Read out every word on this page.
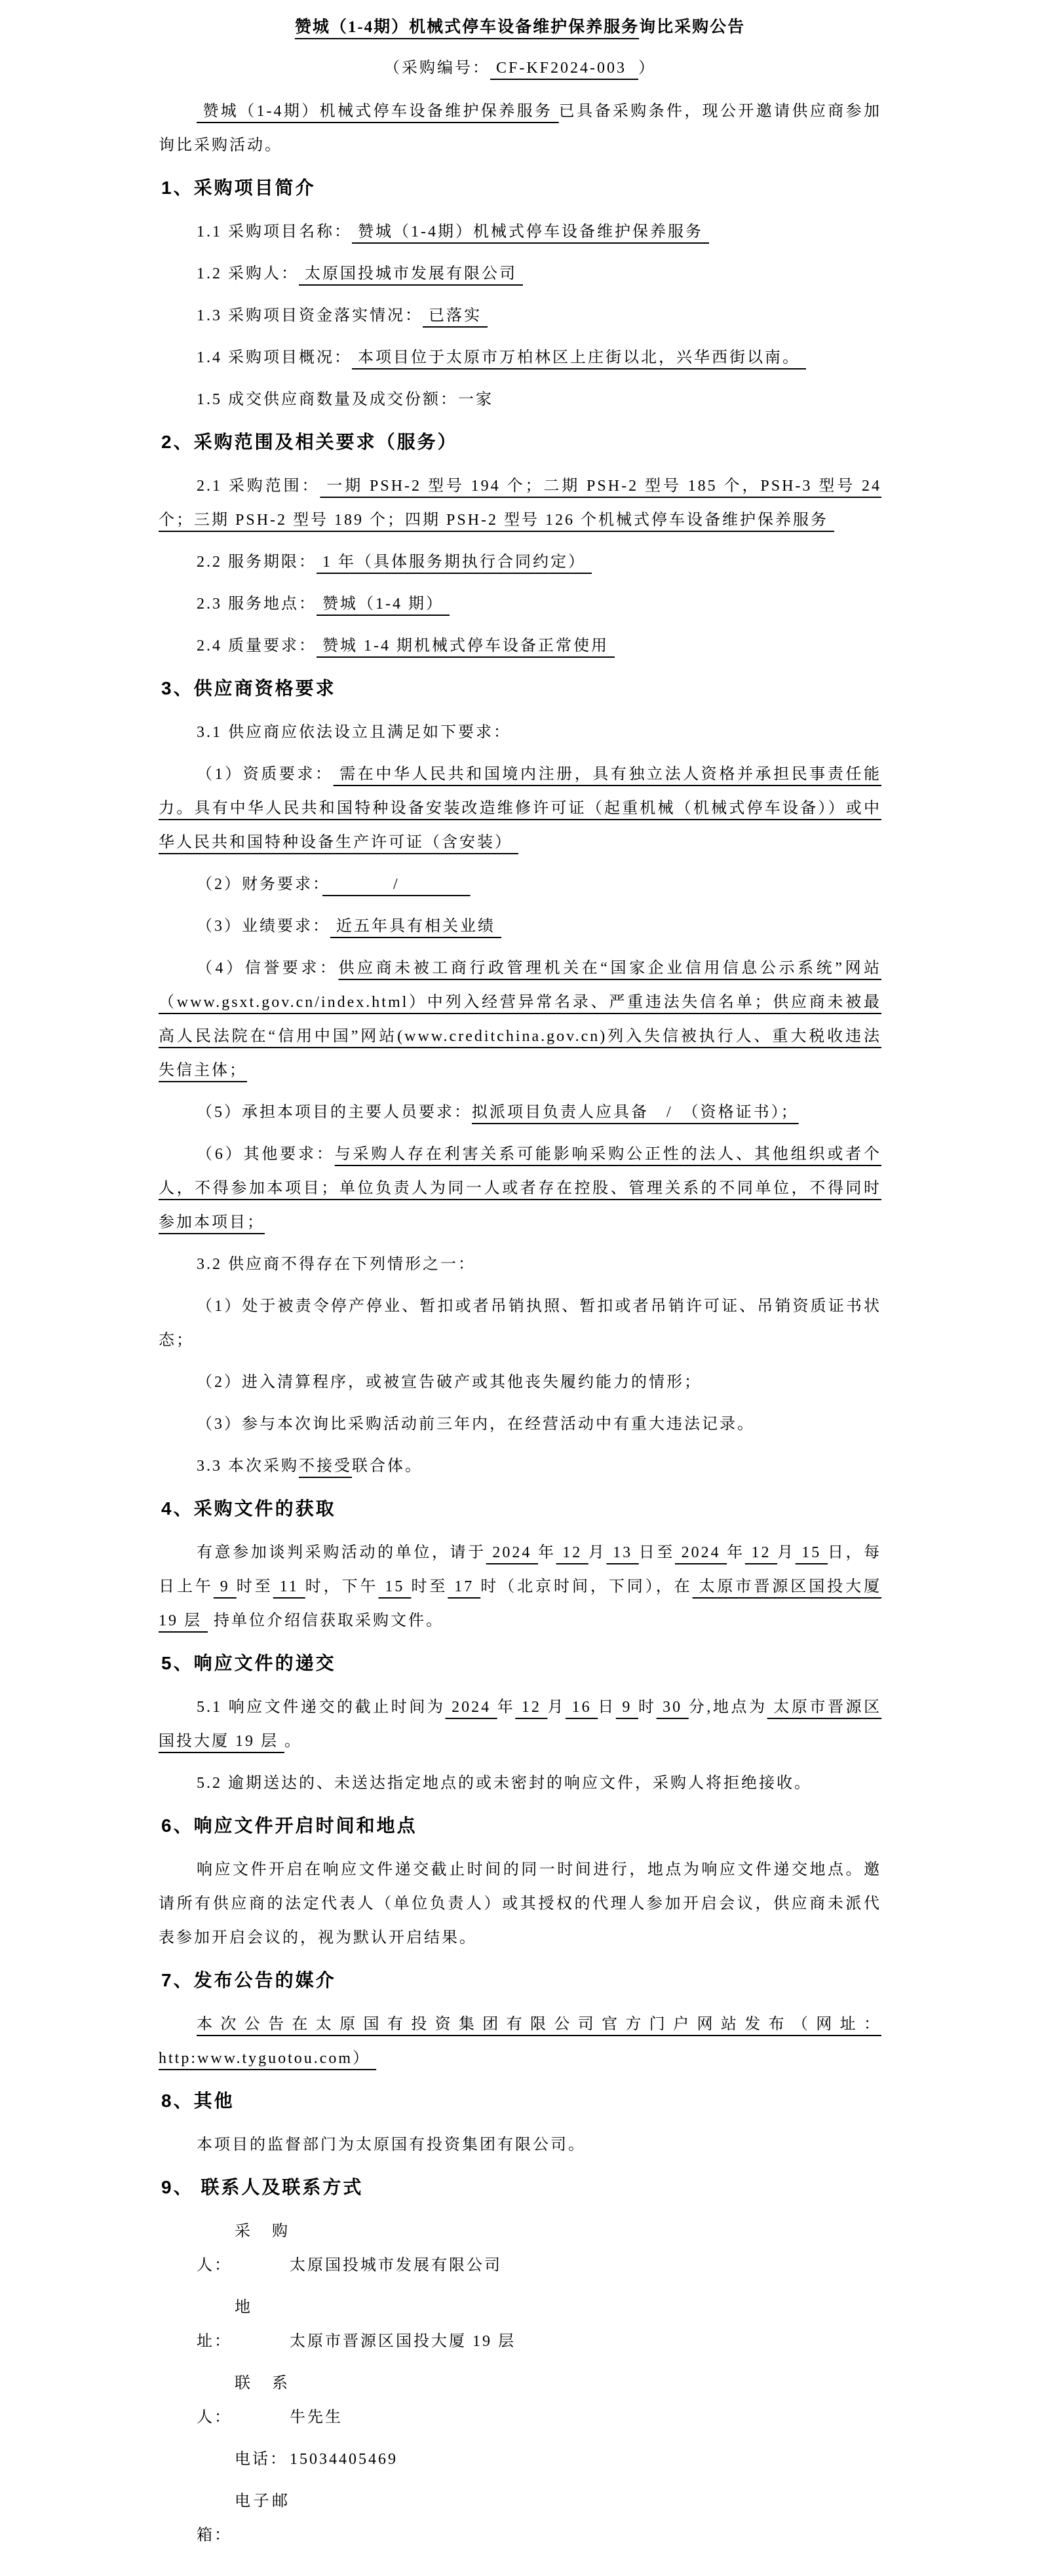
赞城（1-4期）机械式停车设备维护保养服务询比采购公告

（采购编号： CF-KF2024-003  ）

赞城（1-4期）机械式停车设备维护保养服务 已具备采购条件，现公开邀请供应商参加询比采购活动。

1、采购项目简介

1.1 采购项目名称： 赞城（1-4期）机械式停车设备维护保养服务

1.2 采购人： 太原国投城市发展有限公司

1.3 采购项目资金落实情况： 已落实

1.4 采购项目概况： 本项目位于太原市万柏林区上庄街以北，兴华西街以南。

1.5 成交供应商数量及成交份额：一家

2、采购范围及相关要求（服务）

2.1 采购范围： 一期 PSH-2 型号 194 个；二期 PSH-2 型号 185 个，PSH-3 型号 24 个；三期 PSH-2 型号 189 个；四期 PSH-2 型号 126 个机械式停车设备维护保养服务

2.2 服务期限： 1 年（具体服务期执行合同约定）

2.3 服务地点： 赞城（1-4 期）

2.4 质量要求： 赞城 1-4 期机械式停车设备正常使用

3、供应商资格要求

3.1 供应商应依法设立且满足如下要求：

（1）资质要求： 需在中华人民共和国境内注册，具有独立法人资格并承担民事责任能力。具有中华人民共和国特种设备安装改造维修许可证（起重机械（机械式停车设备））或中华人民共和国特种设备生产许可证（含安装）

（2）财务要求：　　　　/　　　　

（3）业绩要求： 近五年具有相关业绩

（4）信誉要求：供应商未被工商行政管理机关在“国家企业信用信息公示系统”网站（www.gsxt.gov.cn/index.html）中列入经营异常名录、严重违法失信名单；供应商未被最高人民法院在“信用中国”网站(www.creditchina.gov.cn)列入失信被执行人、重大税收违法失信主体；

（5）承担本项目的主要人员要求：拟派项目负责人应具备　/　（资格证书）；

（6）其他要求：与采购人存在利害关系可能影响采购公正性的法人、其他组织或者个人，不得参加本项目；单位负责人为同一人或者存在控股、管理关系的不同单位，不得同时参加本项目；

3.2 供应商不得存在下列情形之一：

（1）处于被责令停产停业、暂扣或者吊销执照、暂扣或者吊销许可证、吊销资质证书状态；

（2）进入清算程序，或被宣告破产或其他丧失履约能力的情形；

（3）参与本次询比采购活动前三年内，在经营活动中有重大违法记录。

3.3 本次采购不接受联合体。

4、采购文件的获取

有意参加谈判采购活动的单位，请于 2024 年 12 月 13 日至 2024 年 12 月 15 日，每日上午 9 时至 11 时，下午 15 时至 17 时（北京时间，下同），在 太原市晋源区国投大厦 19 层  持单位介绍信获取采购文件。

5、响应文件的递交

5.1 响应文件递交的截止时间为 2024 年 12 月 16 日 9 时 30 分,地点为 太原市晋源区国投大厦 19 层 。

5.2 逾期送达的、未送达指定地点的或未密封的响应文件，采购人将拒绝接收。

6、响应文件开启时间和地点

响应文件开启在响应文件递交截止时间的同一时间进行，地点为响应文件递交地点。邀请所有供应商的法定代表人（单位负责人）或其授权的代理人参加开启会议，供应商未派代表参加开启会议的，视为默认开启结果。

7、发布公告的媒介

本次公告在太原国有投资集团有限公司官方门户网站发布（网址：http:www.tyguotou.com）

8、其他

本项目的监督部门为太原国有投资集团有限公司。

9、 联系人及联系方式

采购人：	太原国投城市发展有限公司

地 址：	太原市晋源区国投大厦 19 层

联系人：	牛先生

电话： 15034405469

电子邮箱：
